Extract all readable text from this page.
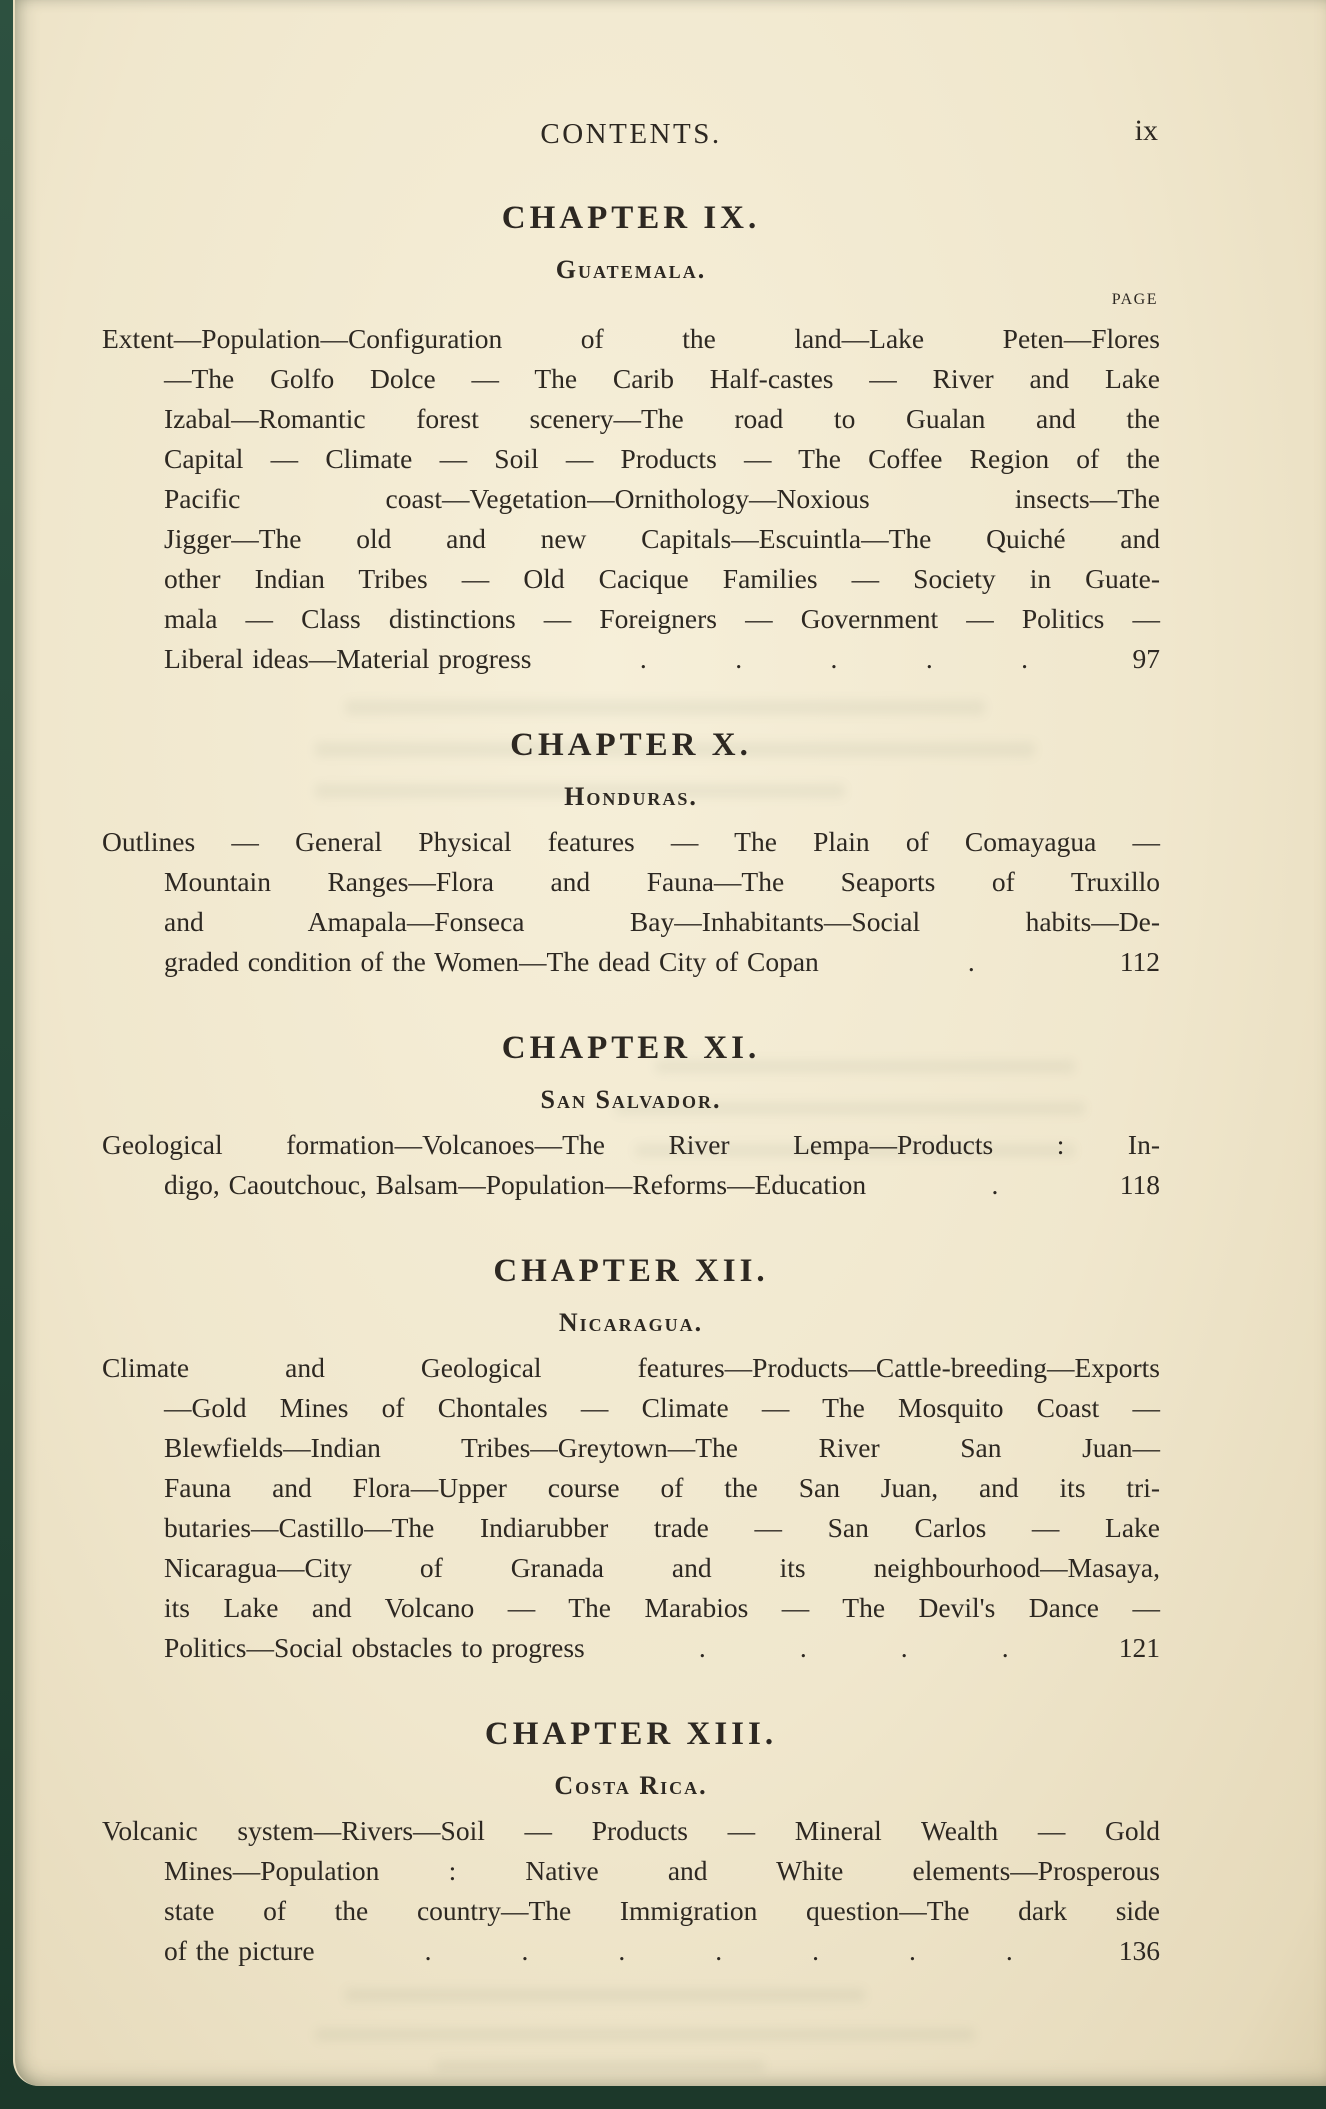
CONTENTS.	ix
CHAPTER IX.
Guatemala.
PAGE
Extent—Population—Configuration of the land—Lake Peten—Flores
—The Golfo Dolce — The Carib Half-castes — River and Lake
Izabal—Romantic forest scenery—The road to Gualan and the
Capital — Climate — Soil — Products — The Coffee Region of the
Pacific coast—Vegetation—Ornithology—Noxious insects—The
Jigger—The old and new Capitals—Escuintla—The Quiché and
other Indian Tribes — Old Cacique Families — Society in Guate-
mala — Class distinctions — Foreigners — Government — Politics —
Liberal ideas—Material progress	.	.	.	.	.	97
CHAPTER X.
Honduras.
Outlines — General Physical features — The Plain of Comayagua —
Mountain Ranges—Flora and Fauna—The Seaports of Truxillo
and Amapala—Fonseca Bay—Inhabitants—Social habits—De-
graded condition of the Women—The dead City of Copan	.	112
CHAPTER XI.
San Salvador.
Geological formation—Volcanoes—The River Lempa—Products : In-
digo, Caoutchouc, Balsam—Population—Reforms—Education	.	118
CHAPTER XII.
Nicaragua.
Climate and Geological features—Products—Cattle-breeding—Exports
—Gold Mines of Chontales — Climate — The Mosquito Coast —
Blewfields—Indian Tribes—Greytown—The River San Juan—
Fauna and Flora—Upper course of the San Juan, and its tri-
butaries—Castillo—The Indiarubber trade — San Carlos — Lake
Nicaragua—City of Granada and its neighbourhood—Masaya,
its Lake and Volcano — The Marabios — The Devil's Dance —
Politics—Social obstacles to progress	.	.	.	.	121
CHAPTER XIII.
Costa Rica.
Volcanic system—Rivers—Soil — Products — Mineral Wealth — Gold
Mines—Population : Native and White elements—Prosperous
state of the country—The Immigration question—The dark side
of the picture	.	.	.	.	.	.	.	136
